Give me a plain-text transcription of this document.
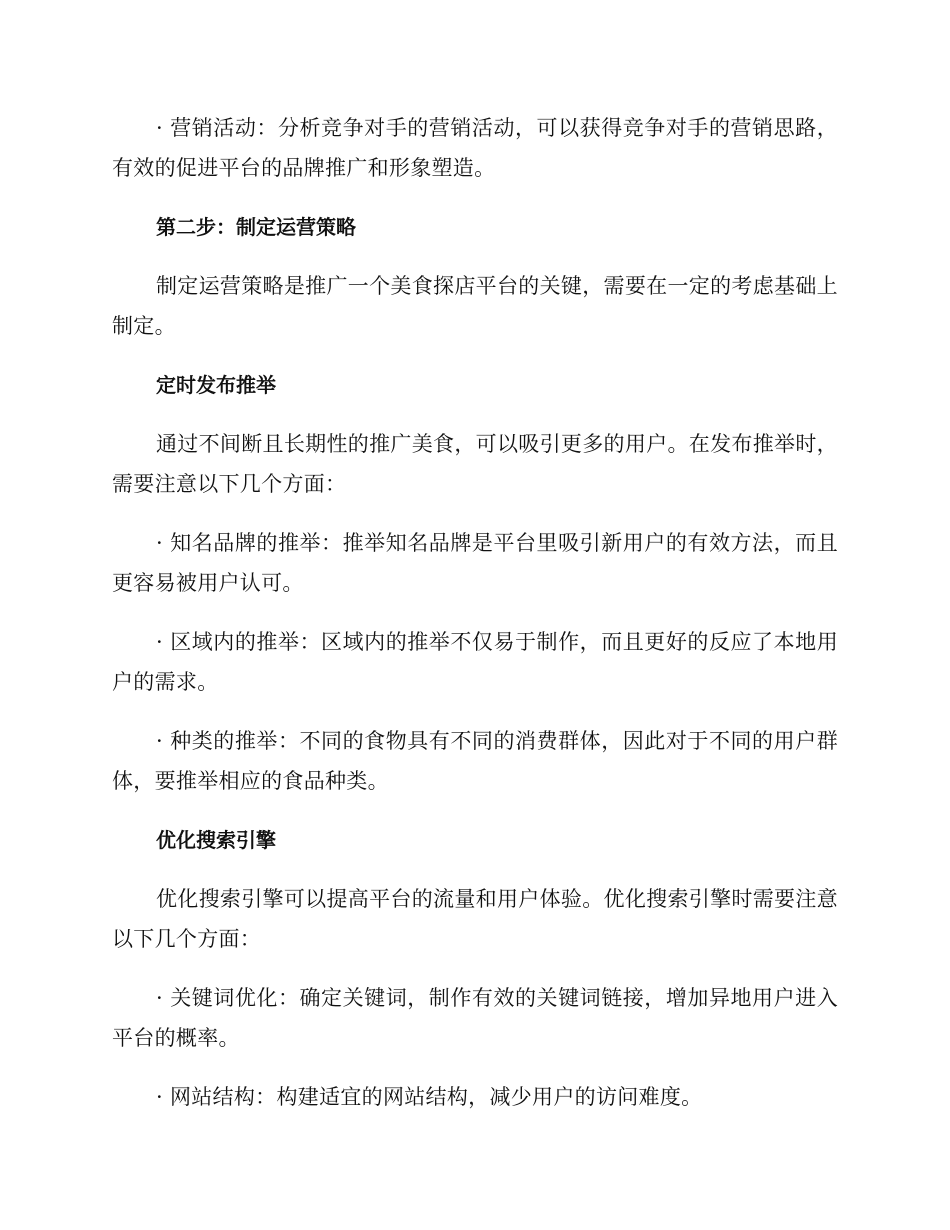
· 营销活动：分析竞争对手的营销活动，可以获得竞争对手的营销思路，有效的促进平台的品牌推广和形象塑造。

第二步：制定运营策略

制定运营策略是推广一个美食探店平台的关键，需要在一定的考虑基础上制定。

定时发布推举

通过不间断且长期性的推广美食，可以吸引更多的用户。在发布推举时，需要注意以下几个方面：

· 知名品牌的推举：推举知名品牌是平台里吸引新用户的有效方法，而且更容易被用户认可。

· 区域内的推举：区域内的推举不仅易于制作，而且更好的反应了本地用户的需求。

· 种类的推举：不同的食物具有不同的消费群体，因此对于不同的用户群体，要推举相应的食品种类。

优化搜索引擎

优化搜索引擎可以提高平台的流量和用户体验。优化搜索引擎时需要注意以下几个方面：

· 关键词优化：确定关键词，制作有效的关键词链接，增加异地用户进入平台的概率。

· 网站结构：构建适宜的网站结构，减少用户的访问难度。
